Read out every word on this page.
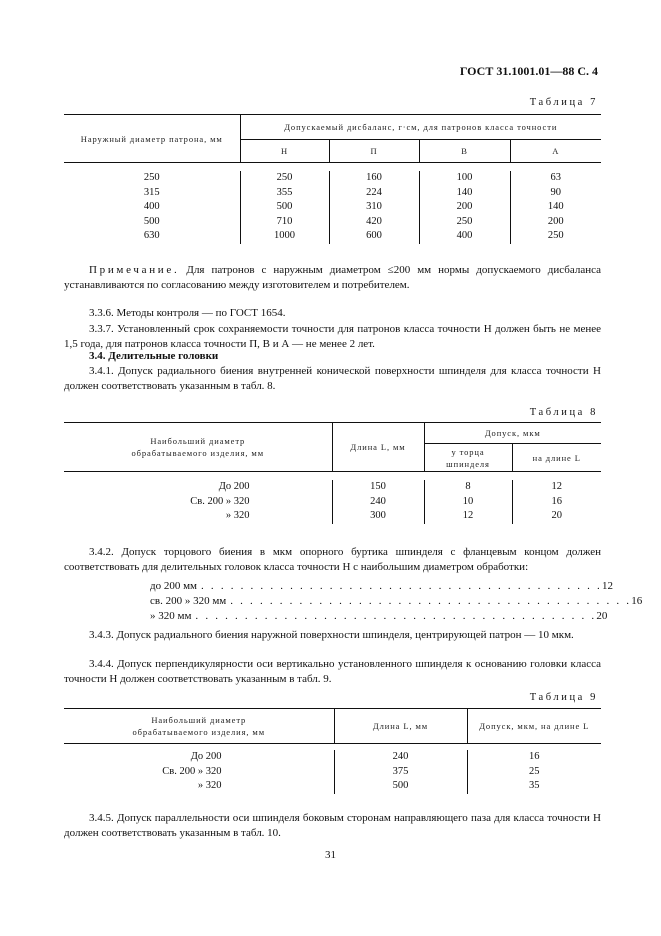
ГОСТ 31.1001.01—88 С. 4
Таблица 7
Наружный диаметр патрона, мм	Допускаемый дисбаланс, г·см, для патронов класса точности			
	Н	П	В	А

250	250	160	100	63
315	355	224	140	90
400	500	310	200	140
500	710	420	250	200
630	1000	600	400	250

Примечание. Для патронов с наружным диаметром ≤200 мм нормы допускаемого дисбаланса устанавливаются по согласованию между изготовителем и потребителем.
3.3.6. Методы контроля — по ГОСТ 1654.
3.3.7. Установленный срок сохраняемости точности для патронов класса точности Н должен быть не менее 1,5 года, для патронов класса точности П, В и А — не менее 2 лет.
3.4. Делительные головки
3.4.1. Допуск радиального биения внутренней конической поверхности шпинделя для класса точности Н должен соответствовать указанным в табл. 8.
Таблица 8
Наибольший диаметр обрабатываемого изделия, мм	Длина L, мм	Допуск, мкм	
		у торца шпинделя	на длине L

До 200	150	8	12
Св. 200 » 320	240	10	16
» 320	300	12	20

3.4.2. Допуск торцового биения в мкм опорного буртика шпинделя с фланцевым концом должен соответствовать для делительных головок класса точности Н с наибольшим диаметром обработки:
до 200 мм . . . . . . . . . . . . . . . . . . . . . . . . . . . . . . . . . . . . . . . . . 12
св. 200 » 320 мм . . . . . . . . . . . . . . . . . . . . . . . . . . . . . . . . . . . . . . . . . 16
» 320 мм . . . . . . . . . . . . . . . . . . . . . . . . . . . . . . . . . . . . . . . . . 20
3.4.3. Допуск радиального биения наружной поверхности шпинделя, центрирующей патрон — 10 мкм.
3.4.4. Допуск перпендикулярности оси вертикально установленного шпинделя к основанию головки класса точности Н должен соответствовать указанным в табл. 9.
Таблица 9
Наибольший диаметр обрабатываемого изделия, мм	Длина L, мм	Допуск, мкм, на длине L

До 200	240	16
Св. 200 » 320	375	25
» 320	500	35

3.4.5. Допуск параллельности оси шпинделя боковым сторонам направляющего паза для класса точности Н должен соответствовать указанным в табл. 10.
31
